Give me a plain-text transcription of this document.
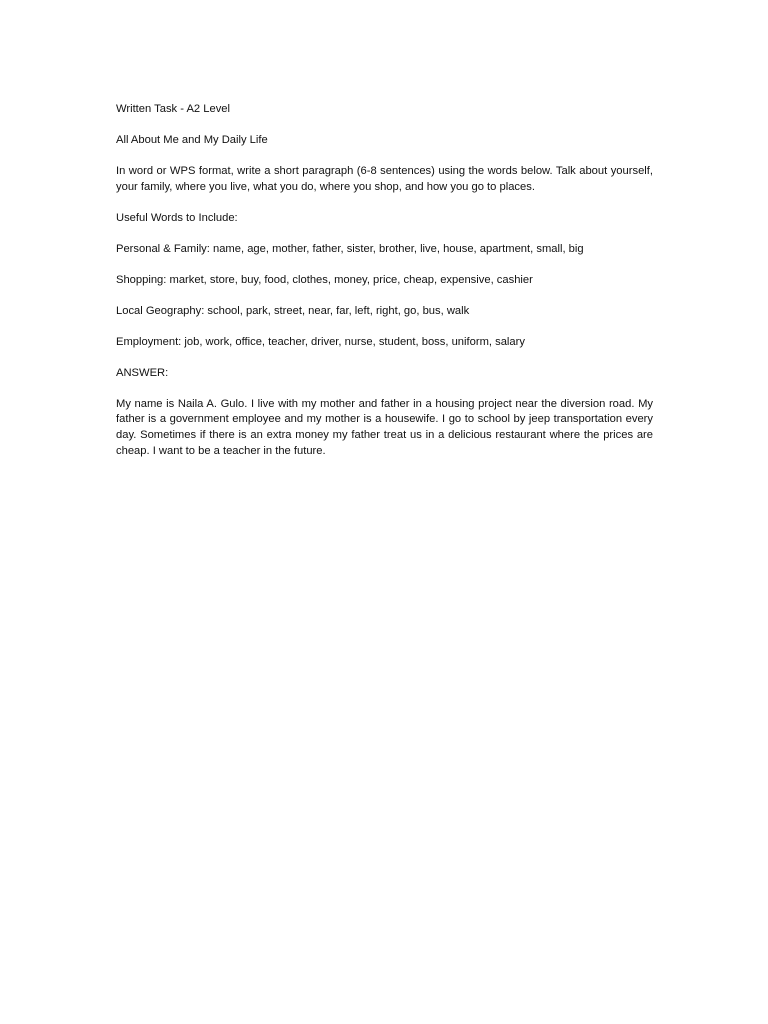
Written Task - A2 Level

All About Me and My Daily Life

In word or WPS format, write a short paragraph (6-8 sentences) using the words below. Talk about yourself, your family, where you live, what you do, where you shop, and how you go to places.

Useful Words to Include:

Personal & Family: name, age, mother, father, sister, brother, live, house, apartment, small, big

Shopping: market, store, buy, food, clothes, money, price, cheap, expensive, cashier

Local Geography: school, park, street, near, far, left, right, go, bus, walk

Employment: job, work, office, teacher, driver, nurse, student, boss, uniform, salary

ANSWER:

My name is Naila A. Gulo. I live with my mother and father in a housing project near the diversion road. My father is a government employee and my mother is a housewife. I go to school by jeep transportation every day. Sometimes if there is an extra money my father treat us in a delicious restaurant where the prices are cheap. I want to be a teacher in the future.
